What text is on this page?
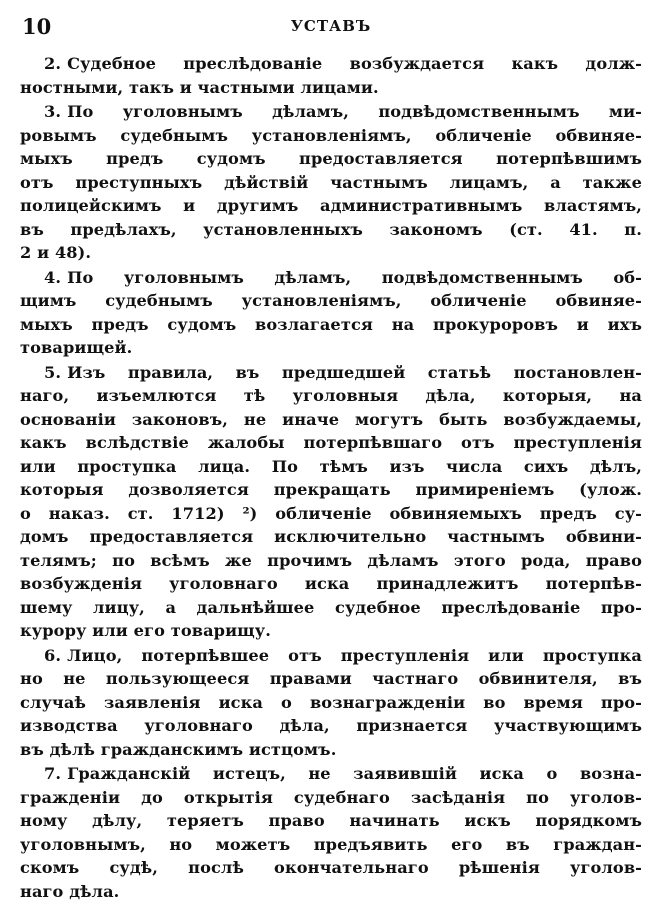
10	УСТАВЪ
2. Судебное преслѣдованіе возбуждается какъ долж-
ностными, такъ и частными лицами.
3. По уголовнымъ дѣламъ, подвѣдомственнымъ ми-
ровымъ судебнымъ установленіямъ, обличеніе обвиняе-
мыхъ предъ судомъ предоставляется потерпѣвшимъ
отъ преступныхъ дѣйствій частнымъ лицамъ, а также
полицейскимъ и другимъ административнымъ властямъ,
въ предѣлахъ, установленныхъ закономъ (ст. 41. п.
2 и 48).
4. По уголовнымъ дѣламъ, подвѣдомственнымъ об-
щимъ судебнымъ установленіямъ, обличеніе обвиняе-
мыхъ предъ судомъ возлагается на прокуроровъ и ихъ
товарищей.
5. Изъ правила, въ предшедшей статьѣ постановлен-
наго, изъемлются тѣ уголовныя дѣла, которыя, на
основаніи законовъ, не иначе могутъ быть возбуждаемы,
какъ вслѣдствіе жалобы потерпѣвшаго отъ преступленія
или проступка лица. По тѣмъ изъ числа сихъ дѣлъ,
которыя дозволяется прекращать примиреніемъ (улож.
о наказ. ст. 1712) ²) обличеніе обвиняемыхъ предъ су-
домъ предоставляется исключительно частнымъ обвини-
телямъ; по всѣмъ же прочимъ дѣламъ этого рода, право
возбужденія уголовнаго иска принадлежитъ потерпѣв-
шему лицу, а дальнѣйшее судебное преслѣдованіе про-
курору или его товарищу.
6. Лицо, потерпѣвшее отъ преступленія или проступка
но не пользующееся правами частнаго обвинителя, въ
случаѣ заявленія иска о вознагражденіи во время про-
изводства уголовнаго дѣла, признается участвующимъ
въ дѣлѣ гражданскимъ истцомъ.
7. Гражданскій истецъ, не заявившій иска о возна-
гражденіи до открытія судебнаго засѣданія по уголов-
ному дѣлу, теряетъ право начинать искъ порядкомъ
уголовнымъ, но можетъ предъявить его въ граждан-
скомъ судѣ, послѣ окончательнаго рѣшенія уголов-
наго дѣла.
